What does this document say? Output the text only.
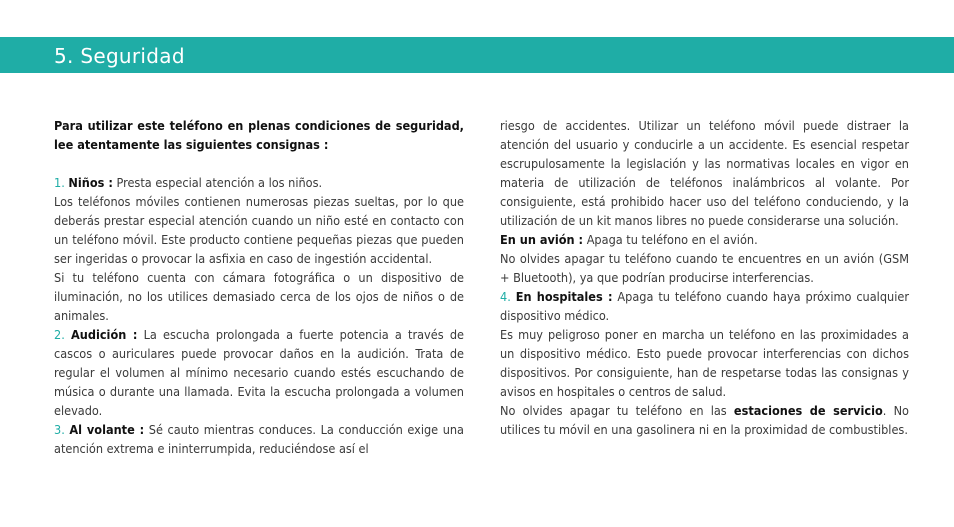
5. Seguridad

Para utilizar este teléfono en plenas condiciones de seguridad, lee atentamente las siguientes consignas :

1. Niños : Presta especial atención a los niños.

Los teléfonos móviles contienen numerosas piezas sueltas, por lo que deberás prestar especial atención cuando un niño esté en contacto con un teléfono móvil. Este producto contiene pequeñas piezas que pueden ser ingeridas o provocar la asfixia en caso de ingestión accidental.

Si tu teléfono cuenta con cámara fotográfica o un dispositivo de iluminación, no los utilices demasiado cerca de los ojos de niños o de animales.

2. Audición : La escucha prolongada a fuerte potencia a través de cascos o auriculares puede provocar daños en la audición. Trata de regular el volumen al mínimo necesario cuando estés escuchando de música o durante una llamada. Evita la escucha prolongada a volumen elevado.

3. Al volante : Sé cauto mientras conduces. La conducción exige una atención extrema e ininterrumpida, reduciéndose así el

riesgo de accidentes. Utilizar un teléfono móvil puede distraer la atención del usuario y conducirle a un accidente. Es esencial respetar escrupulosamente la legislación y las normativas locales en vigor en materia de utilización de teléfonos inalámbricos al volante. Por consiguiente, está prohibido hacer uso del teléfono conduciendo, y la utilización de un kit manos libres no puede considerarse una solución.

En un avión : Apaga tu teléfono en el avión.

No olvides apagar tu teléfono cuando te encuentres en un avión (GSM + Bluetooth), ya que podrían producirse interferencias.

4. En hospitales : Apaga tu teléfono cuando haya próximo cualquier dispositivo médico.

Es muy peligroso poner en marcha un teléfono en las proximidades a un dispositivo médico. Esto puede provocar interferencias con dichos dispositivos. Por consiguiente, han de respetarse todas las consignas y avisos en hospitales o centros de salud.

No olvides apagar tu teléfono en las estaciones de servicio. No utilices tu móvil en una gasolinera ni en la proximidad de combustibles.
